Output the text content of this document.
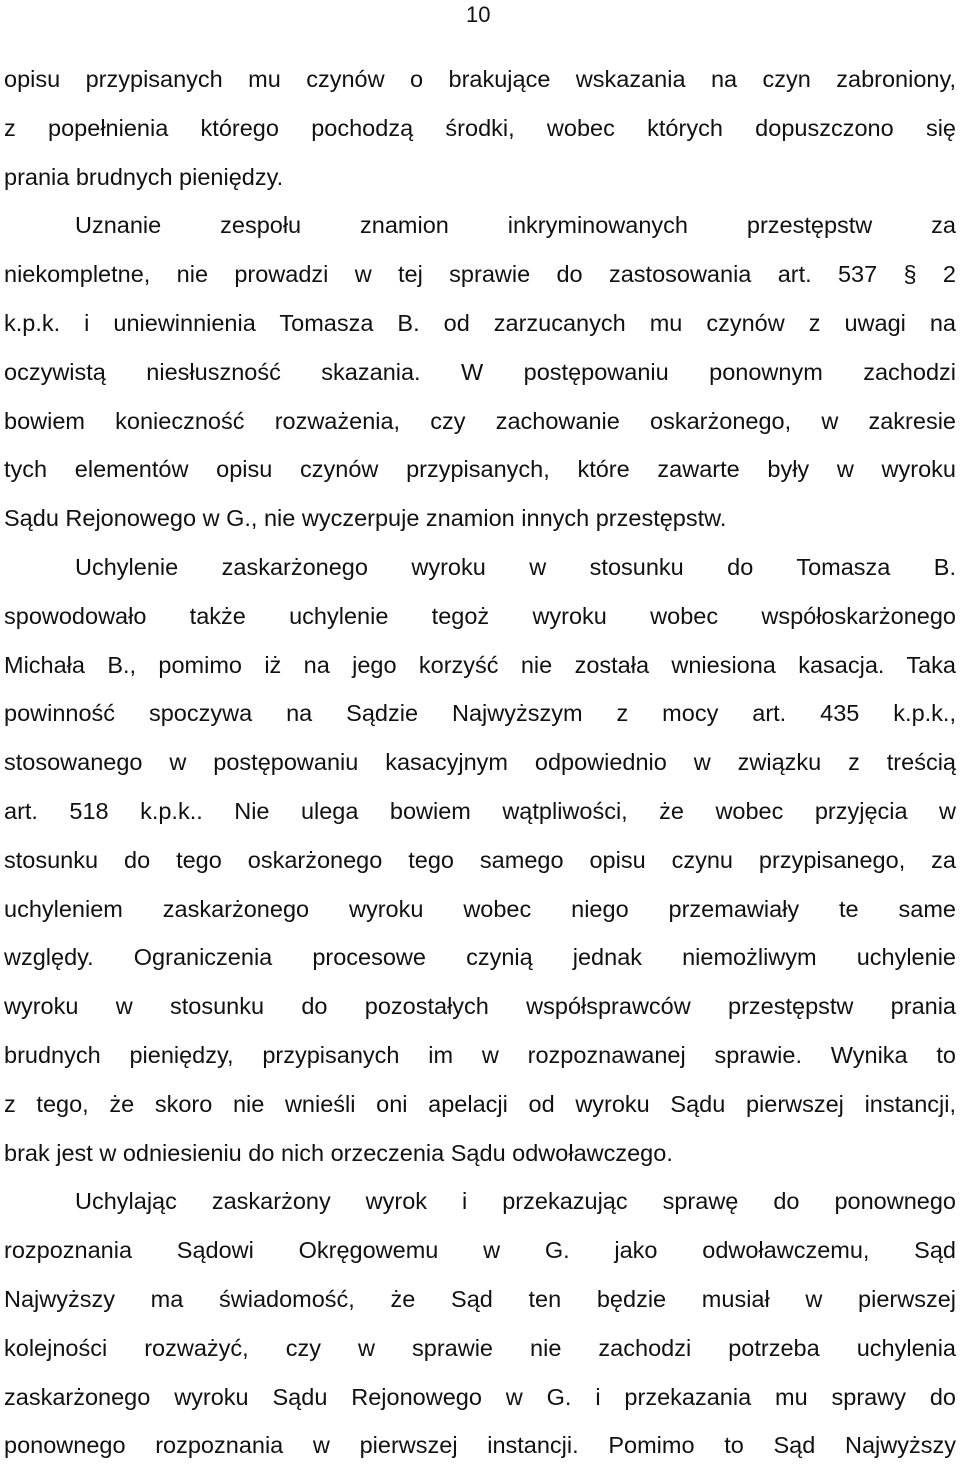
10
opisu przypisanych mu czynów o brakujące wskazania na czyn zabroniony,
z popełnienia którego pochodzą środki, wobec których dopuszczono się
prania brudnych pieniędzy.
Uznanie zespołu znamion inkryminowanych przestępstw za
niekompletne, nie prowadzi w tej sprawie do zastosowania art. 537 § 2
k.p.k. i uniewinnienia Tomasza B. od zarzucanych mu czynów z uwagi na
oczywistą niesłuszność skazania. W postępowaniu ponownym zachodzi
bowiem konieczność rozważenia, czy zachowanie oskarżonego, w zakresie
tych elementów opisu czynów przypisanych, które zawarte były w wyroku
Sądu Rejonowego w G., nie wyczerpuje znamion innych przestępstw.
Uchylenie zaskarżonego wyroku w stosunku do Tomasza B.
spowodowało także uchylenie tegoż wyroku wobec współoskarżonego
Michała B., pomimo iż na jego korzyść nie została wniesiona kasacja. Taka
powinność spoczywa na Sądzie Najwyższym z mocy art. 435 k.p.k.,
stosowanego w postępowaniu kasacyjnym odpowiednio w związku z treścią
art. 518 k.p.k.. Nie ulega bowiem wątpliwości, że wobec przyjęcia w
stosunku do tego oskarżonego tego samego opisu czynu przypisanego, za
uchyleniem zaskarżonego wyroku wobec niego przemawiały te same
względy. Ograniczenia procesowe czynią jednak niemożliwym uchylenie
wyroku w stosunku do pozostałych współsprawców przestępstw prania
brudnych pieniędzy, przypisanych im w rozpoznawanej sprawie. Wynika to
z tego, że skoro nie wnieśli oni apelacji od wyroku Sądu pierwszej instancji,
brak jest w odniesieniu do nich orzeczenia Sądu odwoławczego.
Uchylając zaskarżony wyrok i przekazując sprawę do ponownego
rozpoznania Sądowi Okręgowemu w G. jako odwoławczemu, Sąd
Najwyższy ma świadomość, że Sąd ten będzie musiał w pierwszej
kolejności rozważyć, czy w sprawie nie zachodzi potrzeba uchylenia
zaskarżonego wyroku Sądu Rejonowego w G. i przekazania mu sprawy do
ponownego rozpoznania w pierwszej instancji. Pomimo to Sąd Najwyższy
